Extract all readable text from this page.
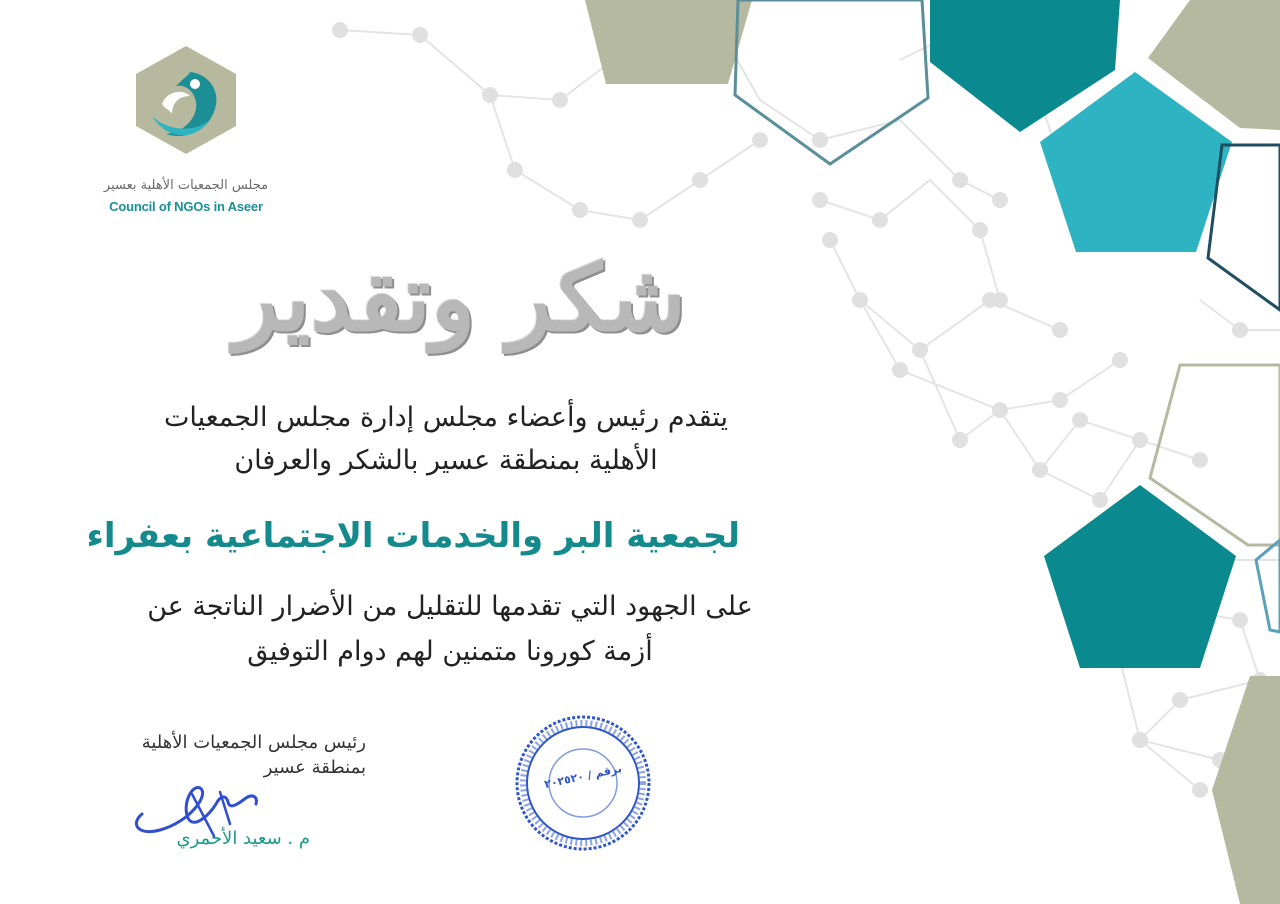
مجلس الجمعيات الأهلية بعسير
Council of NGOs in Aseer
شكر وتقدير
يتقدم رئيس وأعضاء مجلس إدارة مجلس الجمعيات
الأهلية بمنطقة عسير بالشكر والعرفان
لجمعية البر والخدمات الاجتماعية بعفراء
على الجهود التي تقدمها للتقليل من الأضرار الناتجة عن
أزمة كورونا متمنين لهم دوام التوفيق
رئيس مجلس الجمعيات الأهلية
بمنطقة عسير
م . سعيد الأحمري
برقم / ٢٠٢٥٢٠
